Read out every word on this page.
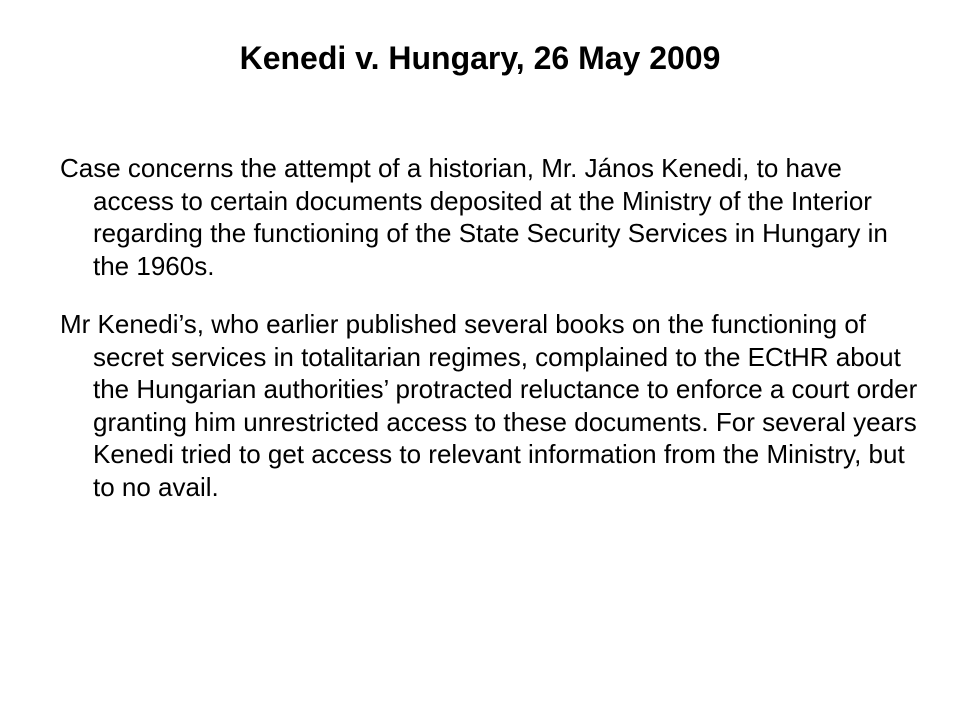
Kenedi v. Hungary, 26 May 2009

Case concerns the attempt of a historian, Mr. János Kenedi, to have access to certain documents deposited at the Ministry of the Interior regarding the functioning of the State Security Services in Hungary in the 1960s.

Mr Kenedi’s, who earlier published several books on the functioning of secret services in totalitarian regimes, complained to the ECtHR about the Hungarian authorities’ protracted reluctance to enforce a court order granting him unrestricted access to these documents. For several years Kenedi tried to get access to relevant information from the Ministry, but to no avail.
